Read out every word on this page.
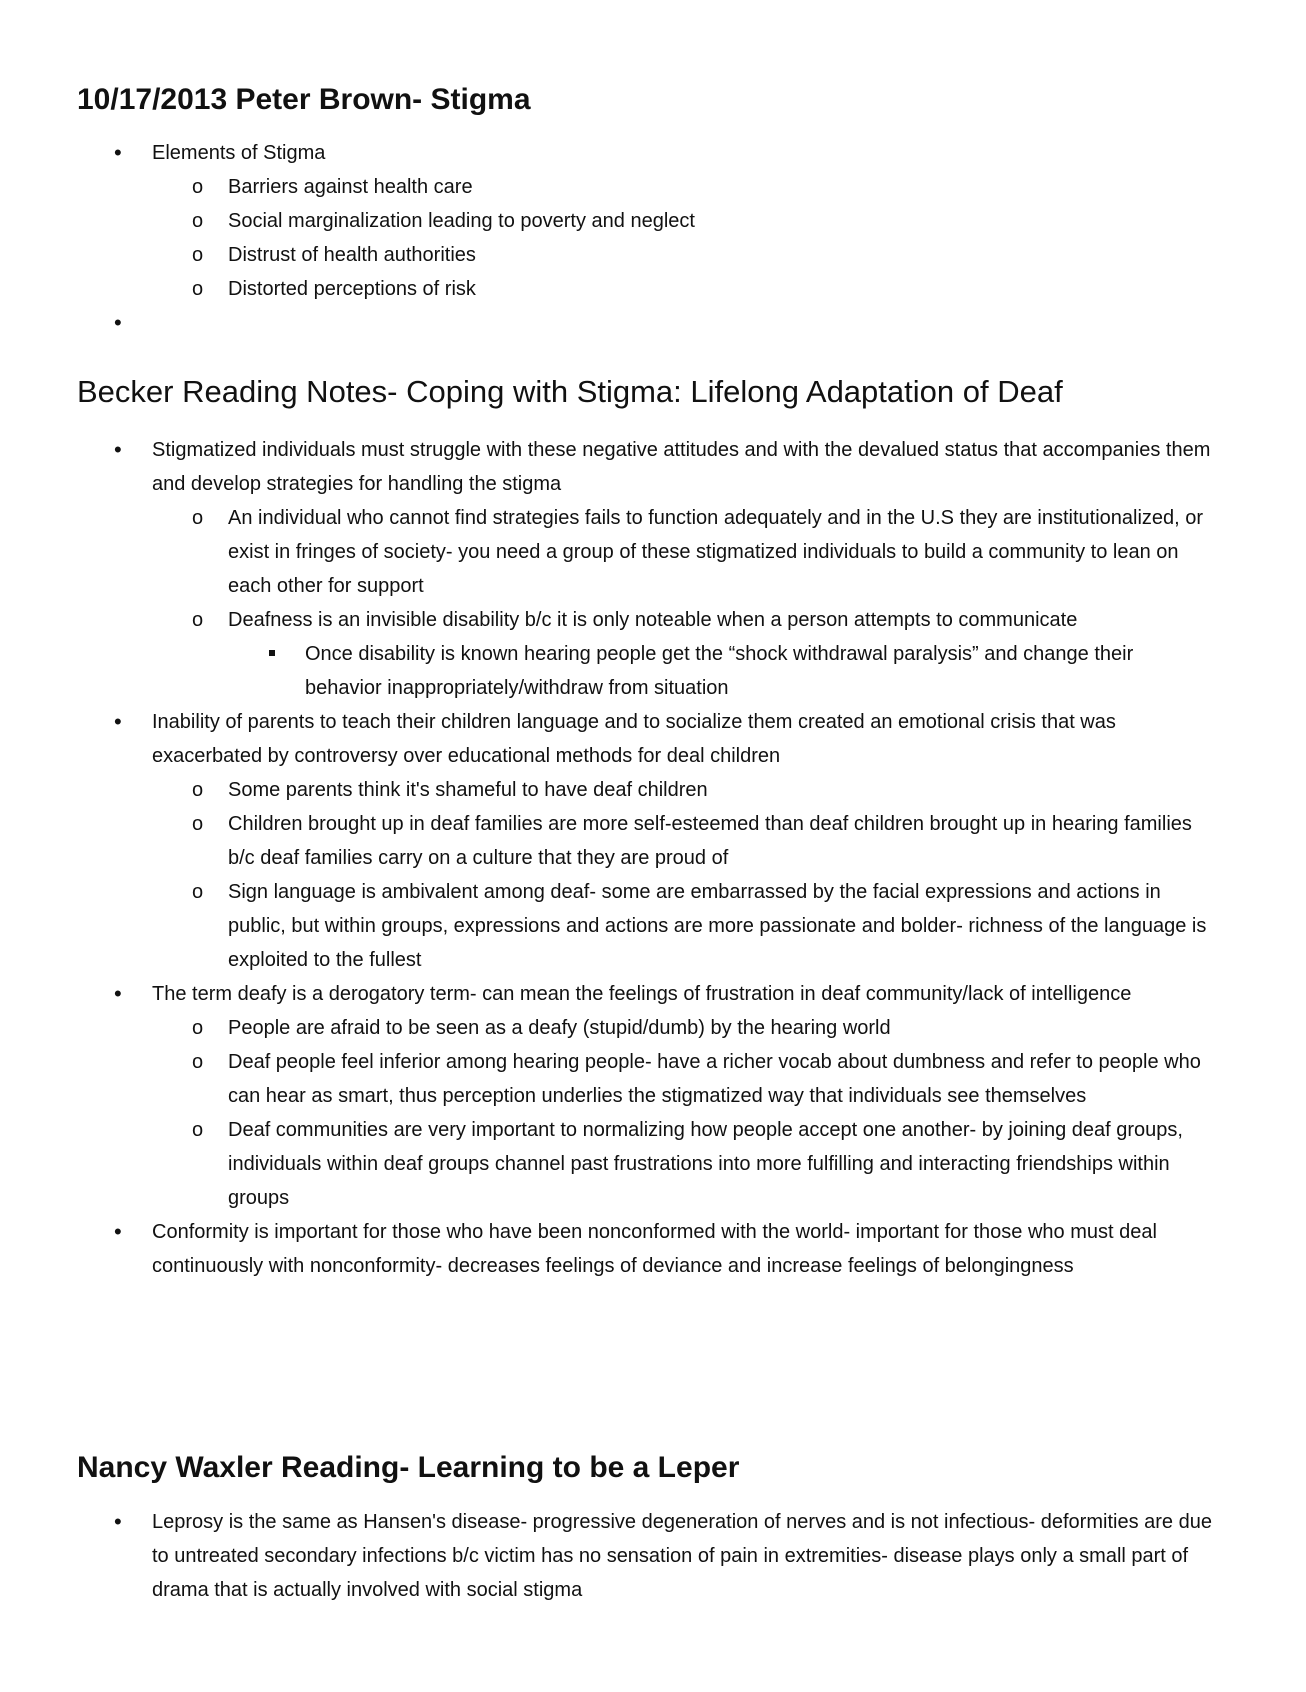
10/17/2013 Peter Brown- Stigma
• Elements of Stigma
o Barriers against health care
o Social marginalization leading to poverty and neglect
o Distrust of health authorities
o Distorted perceptions of risk
•

Becker Reading Notes- Coping with Stigma: Lifelong Adaptation of Deaf
• Stigmatized individuals must struggle with these negative attitudes and with the devalued status that accompanies them and develop strategies for handling the stigma
o An individual who cannot find strategies fails to function adequately and in the U.S they are institutionalized, or exist in fringes of society- you need a group of these stigmatized individuals to build a community to lean on each other for support
o Deafness is an invisible disability b/c it is only noteable when a person attempts to communicate
Once disability is known hearing people get the “shock withdrawal paralysis” and change their behavior inappropriately/withdraw from situation
• Inability of parents to teach their children language and to socialize them created an emotional crisis that was exacerbated by controversy over educational methods for deal children
o Some parents think it's shameful to have deaf children
o Children brought up in deaf families are more self-esteemed than deaf children brought up in hearing families b/c deaf families carry on a culture that they are proud of
o Sign language is ambivalent among deaf- some are embarrassed by the facial expressions and actions in public, but within groups, expressions and actions are more passionate and bolder- richness of the language is exploited to the fullest
• The term deafy is a derogatory term- can mean the feelings of frustration in deaf community/lack of intelligence
o People are afraid to be seen as a deafy (stupid/dumb) by the hearing world
o Deaf people feel inferior among hearing people- have a richer vocab about dumbness and refer to people who can hear as smart, thus perception underlies the stigmatized way that individuals see themselves
o Deaf communities are very important to normalizing how people accept one another- by joining deaf groups, individuals within deaf groups channel past frustrations into more fulfilling and interacting friendships within groups
• Conformity is important for those who have been nonconformed with the world- important for those who must deal continuously with nonconformity- decreases feelings of deviance and increase feelings of belongingness
Nancy Waxler Reading- Learning to be a Leper
• Leprosy is the same as Hansen's disease- progressive degeneration of nerves and is not infectious- deformities are due to untreated secondary infections b/c victim has no sensation of pain in extremities- disease plays only a small part of drama that is actually involved with social stigma
